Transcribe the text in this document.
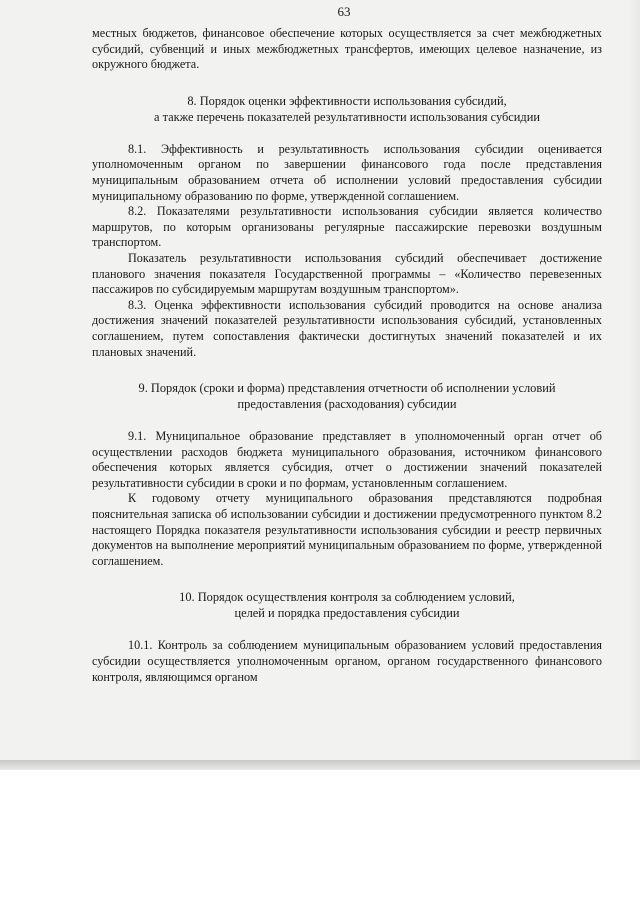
63

местных бюджетов, финансовое обеспечение которых осуществляется за счет межбюджетных субсидий, субвенций и иных межбюджетных трансфертов, имеющих целевое назначение, из окружного бюджета.

8. Порядок оценки эффективности использования субсидий,
а также перечень показателей результативности использования субсидии

8.1. Эффективность и результативность использования субсидии оценивается уполномоченным органом по завершении финансового года после представления муниципальным образованием отчета об исполнении условий предоставления субсидии муниципальному образованию по форме, утвержденной соглашением.

8.2. Показателями результативности использования субсидии является количество маршрутов, по которым организованы регулярные пассажирские перевозки воздушным транспортом.

Показатель результативности использования субсидий обеспечивает достижение планового значения показателя Государственной программы – «Количество перевезенных пассажиров по субсидируемым маршрутам воздушным транспортом».

8.3. Оценка эффективности использования субсидий проводится на основе анализа достижения значений показателей результативности использования субсидий, установленных соглашением, путем сопоставления фактически достигнутых значений показателей и их плановых значений.

9. Порядок (сроки и форма) представления отчетности об исполнении условий
предоставления (расходования) субсидии

9.1. Муниципальное образование представляет в уполномоченный орган отчет об осуществлении расходов бюджета муниципального образования, источником финансового обеспечения которых является субсидия, отчет о достижении значений показателей результативности субсидии в сроки и по формам, установленным соглашением.

К годовому отчету муниципального образования представляются подробная пояснительная записка об использовании субсидии и достижении предусмотренного пунктом 8.2 настоящего Порядка показателя результативности использования субсидии и реестр первичных документов на выполнение мероприятий муниципальным образованием по форме, утвержденной соглашением.

10. Порядок осуществления контроля за соблюдением условий,
целей и порядка предоставления субсидии

10.1. Контроль за соблюдением муниципальным образованием условий предоставления субсидии осуществляется уполномоченным органом, органом государственного финансового контроля, являющимся органом
